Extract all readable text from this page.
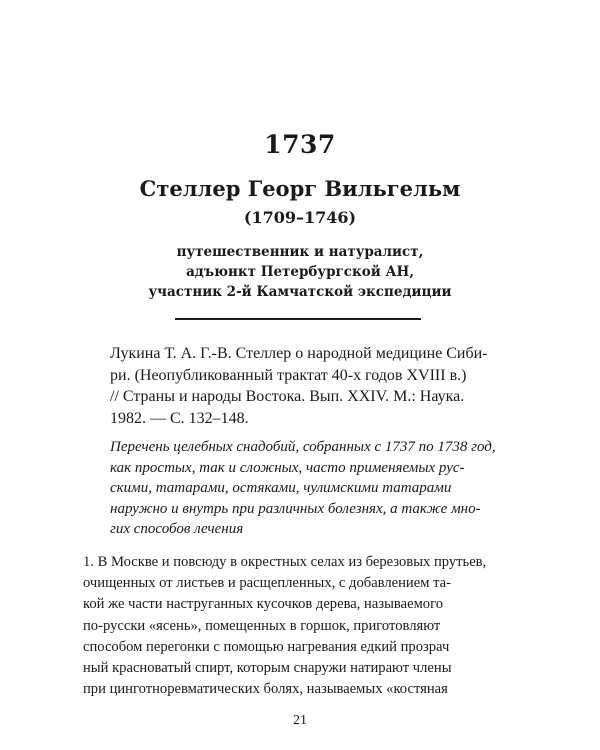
1737
Стеллер Георг Вильгельм
(1709–1746)
путешественник и натуралист,
адъюнкт Петербургской АН,
участник 2-й Камчатской экспедиции
Лукина Т. А. Г.-В. Стеллер о народной медицине Сиби-
ри. (Неопубликованный трактат 40-х годов XVIII в.)
// Страны и народы Востока. Вып. XXIV. М.: Наука.
1982. — С. 132–148.
Перечень целебных снадобий, собранных с 1737 по 1738 год,
как простых, так и сложных, часто применяемых рус-
скими, татарами, остяками, чулимскими татарами
наружно и внутрь при различных болезнях, а также мно-
гих способов лечения
1. В Москве и повсюду в окрестных селах из березовых прутьев,
очищенных от листьев и расщепленных, с добавлением та-
кой же части наструганных кусочков дерева, называемого
по-русски «ясень», помещенных в горшок, приготовляют
способом перегонки с помощью нагревания едкий прозрач
ный красноватый спирт, которым снаружи натирают члены
при цинготноревматических болях, называемых «костяная
21
